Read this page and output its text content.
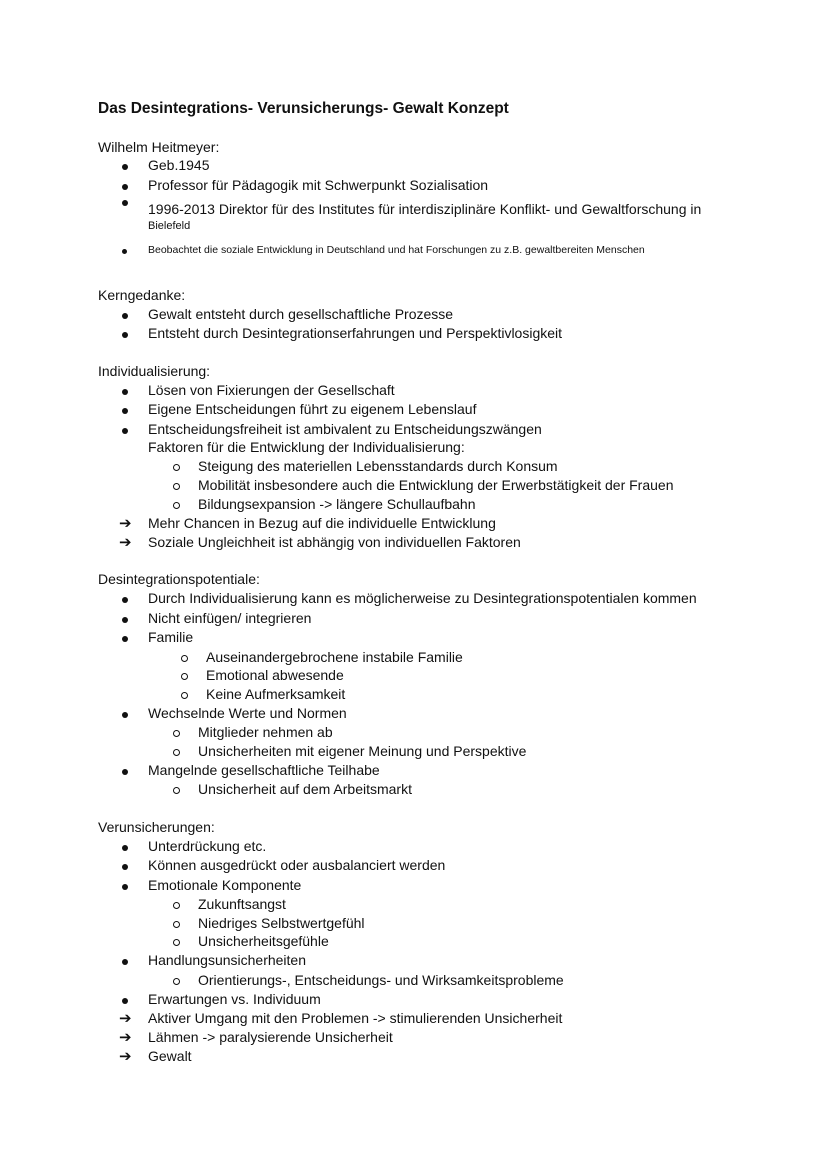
Das Desintegrations- Verunsicherungs- Gewalt Konzept
Wilhelm Heitmeyer:
Geb.1945
Professor für Pädagogik mit Schwerpunkt Sozialisation
1996-2013 Direktor für des Institutes für interdisziplinäre Konflikt- und Gewaltforschung in
Bielefeld
Beobachtet die soziale Entwicklung in Deutschland und hat Forschungen zu z.B. gewaltbereiten Menschen
Kerngedanke:
Gewalt entsteht durch gesellschaftliche Prozesse
Entsteht durch Desintegrationserfahrungen und Perspektivlosigkeit
Individualisierung:
Lösen von Fixierungen der Gesellschaft
Eigene Entscheidungen führt zu eigenem Lebenslauf
Entscheidungsfreiheit ist ambivalent zu Entscheidungszwängen
Faktoren für die Entwicklung der Individualisierung:
Steigung des materiellen Lebensstandards durch Konsum
Mobilität insbesondere auch die Entwicklung der Erwerbstätigkeit der Frauen
Bildungsexpansion -> längere Schullaufbahn
➔ Mehr Chancen in Bezug auf die individuelle Entwicklung
➔ Soziale Ungleichheit ist abhängig von individuellen Faktoren
Desintegrationspotentiale:
Durch Individualisierung kann es möglicherweise zu Desintegrationspotentialen kommen
Nicht einfügen/ integrieren
Familie
Auseinandergebrochene instabile Familie
Emotional abwesende
Keine Aufmerksamkeit
Wechselnde Werte und Normen
Mitglieder nehmen ab
Unsicherheiten mit eigener Meinung und Perspektive
Mangelnde gesellschaftliche Teilhabe
Unsicherheit auf dem Arbeitsmarkt
Verunsicherungen:
Unterdrückung etc.
Können ausgedrückt oder ausbalanciert werden
Emotionale Komponente
Zukunftsangst
Niedriges Selbstwertgefühl
Unsicherheitsgefühle
Handlungsunsicherheiten
Orientierungs-, Entscheidungs- und Wirksamkeitsprobleme
Erwartungen vs. Individuum
➔ Aktiver Umgang mit den Problemen -> stimulierenden Unsicherheit
➔ Lähmen -> paralysierende Unsicherheit
➔ Gewalt
